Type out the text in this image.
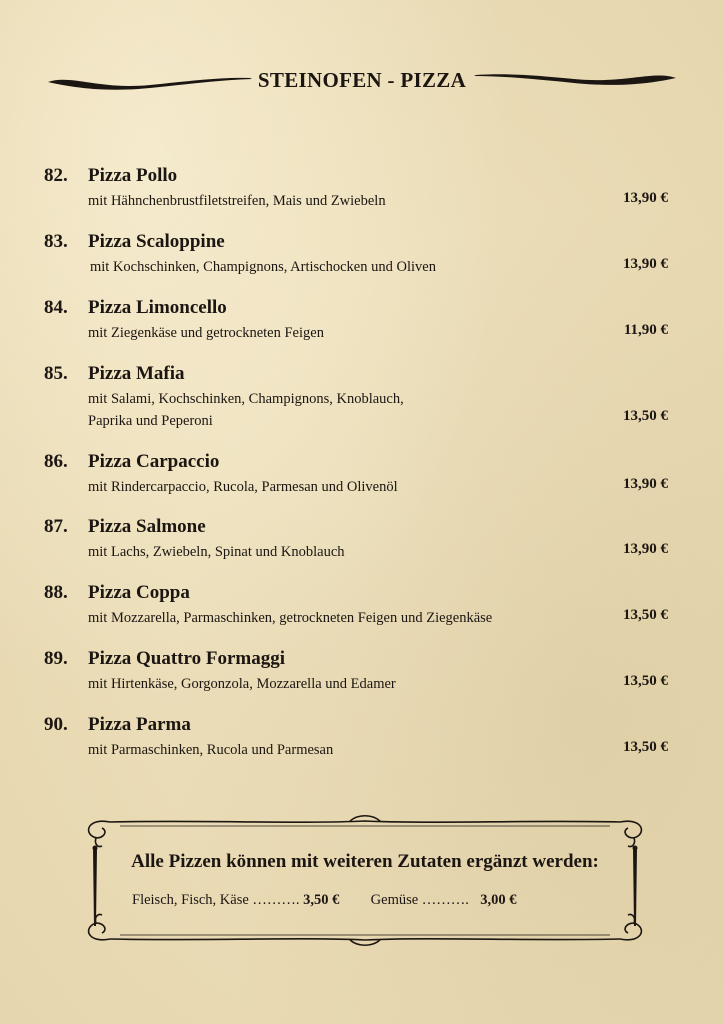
STEINOFEN - PIZZA
82. Pizza Pollo
mit Hähnchenbrustfiletstreifen, Mais und Zwiebeln	13,90 €
83. Pizza Scaloppine
mit Kochschinken, Champignons, Artischocken und Oliven	13,90 €
84. Pizza Limoncello
mit Ziegenkäse und getrockneten Feigen	11,90 €
85. Pizza Mafia
mit Salami, Kochschinken, Champignons, Knoblauch,
Paprika und Peperoni	13,50 €
86. Pizza Carpaccio
mit Rindercarpaccio, Rucola, Parmesan und Olivenöl	13,90 €
87. Pizza Salmone
mit Lachs, Zwiebeln, Spinat und Knoblauch	13,90 €
88. Pizza Coppa
mit Mozzarella, Parmaschinken, getrockneten Feigen und Ziegenkäse	13,50 €
89. Pizza Quattro Formaggi
mit Hirtenkäse, Gorgonzola, Mozzarella und Edamer	13,50 €
90. Pizza Parma
mit Parmaschinken, Rucola und Parmesan	13,50 €
Alle Pizzen können mit weiteren Zutaten ergänzt werden:
Fleisch, Fisch, Käse ………. 3,50 € Gemüse ………. 3,00 €
